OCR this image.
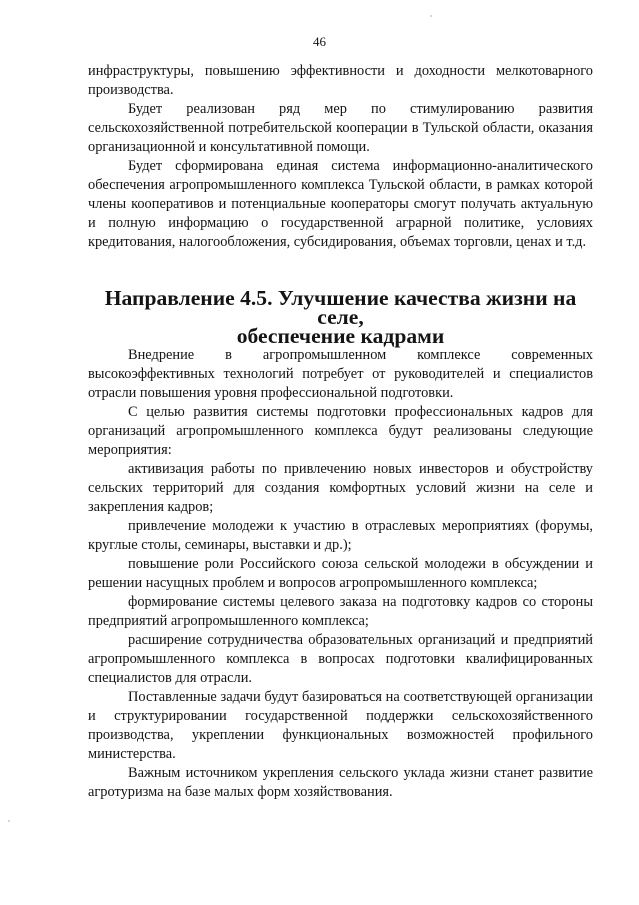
46

инфраструктуры, повышению эффективности и доходности мелкотоварного производства.

Будет реализован ряд мер по стимулированию развития сельскохозяйственной потребительской кооперации в Тульской области, оказания организационной и консультативной помощи.

Будет сформирована единая система информационно-аналитического обеспечения агропромышленного комплекса Тульской области, в рамках которой члены кооперативов и потенциальные кооператоры смогут получать актуальную и полную информацию о государственной аграрной политике, условиях кредитования, налогообложения, субсидирования, объемах торговли, ценах и т.д.

Направление 4.5. Улучшение качества жизни на селе,
обеспечение кадрами

Внедрение в агропромышленном комплексе современных высокоэффективных технологий потребует от руководителей и специалистов отрасли повышения уровня профессиональной подготовки.

С целью развития системы подготовки профессиональных кадров для организаций агропромышленного комплекса будут реализованы следующие мероприятия:

активизация работы по привлечению новых инвесторов и обустройству сельских территорий для создания комфортных условий жизни на селе и закрепления кадров;

привлечение молодежи к участию в отраслевых мероприятиях (форумы, круглые столы, семинары, выставки и др.);

повышение роли Российского союза сельской молодежи в обсуждении и решении насущных проблем и вопросов агропромышленного комплекса;

формирование системы целевого заказа на подготовку кадров со стороны предприятий агропромышленного комплекса;

расширение сотрудничества образовательных организаций и предприятий агропромышленного комплекса в вопросах подготовки квалифицированных специалистов для отрасли.

Поставленные задачи будут базироваться на соответствующей организации и структурировании государственной поддержки сельскохозяйственного производства, укреплении функциональных возможностей профильного министерства.

Важным источником укрепления сельского уклада жизни станет развитие агротуризма на базе малых форм хозяйствования.
